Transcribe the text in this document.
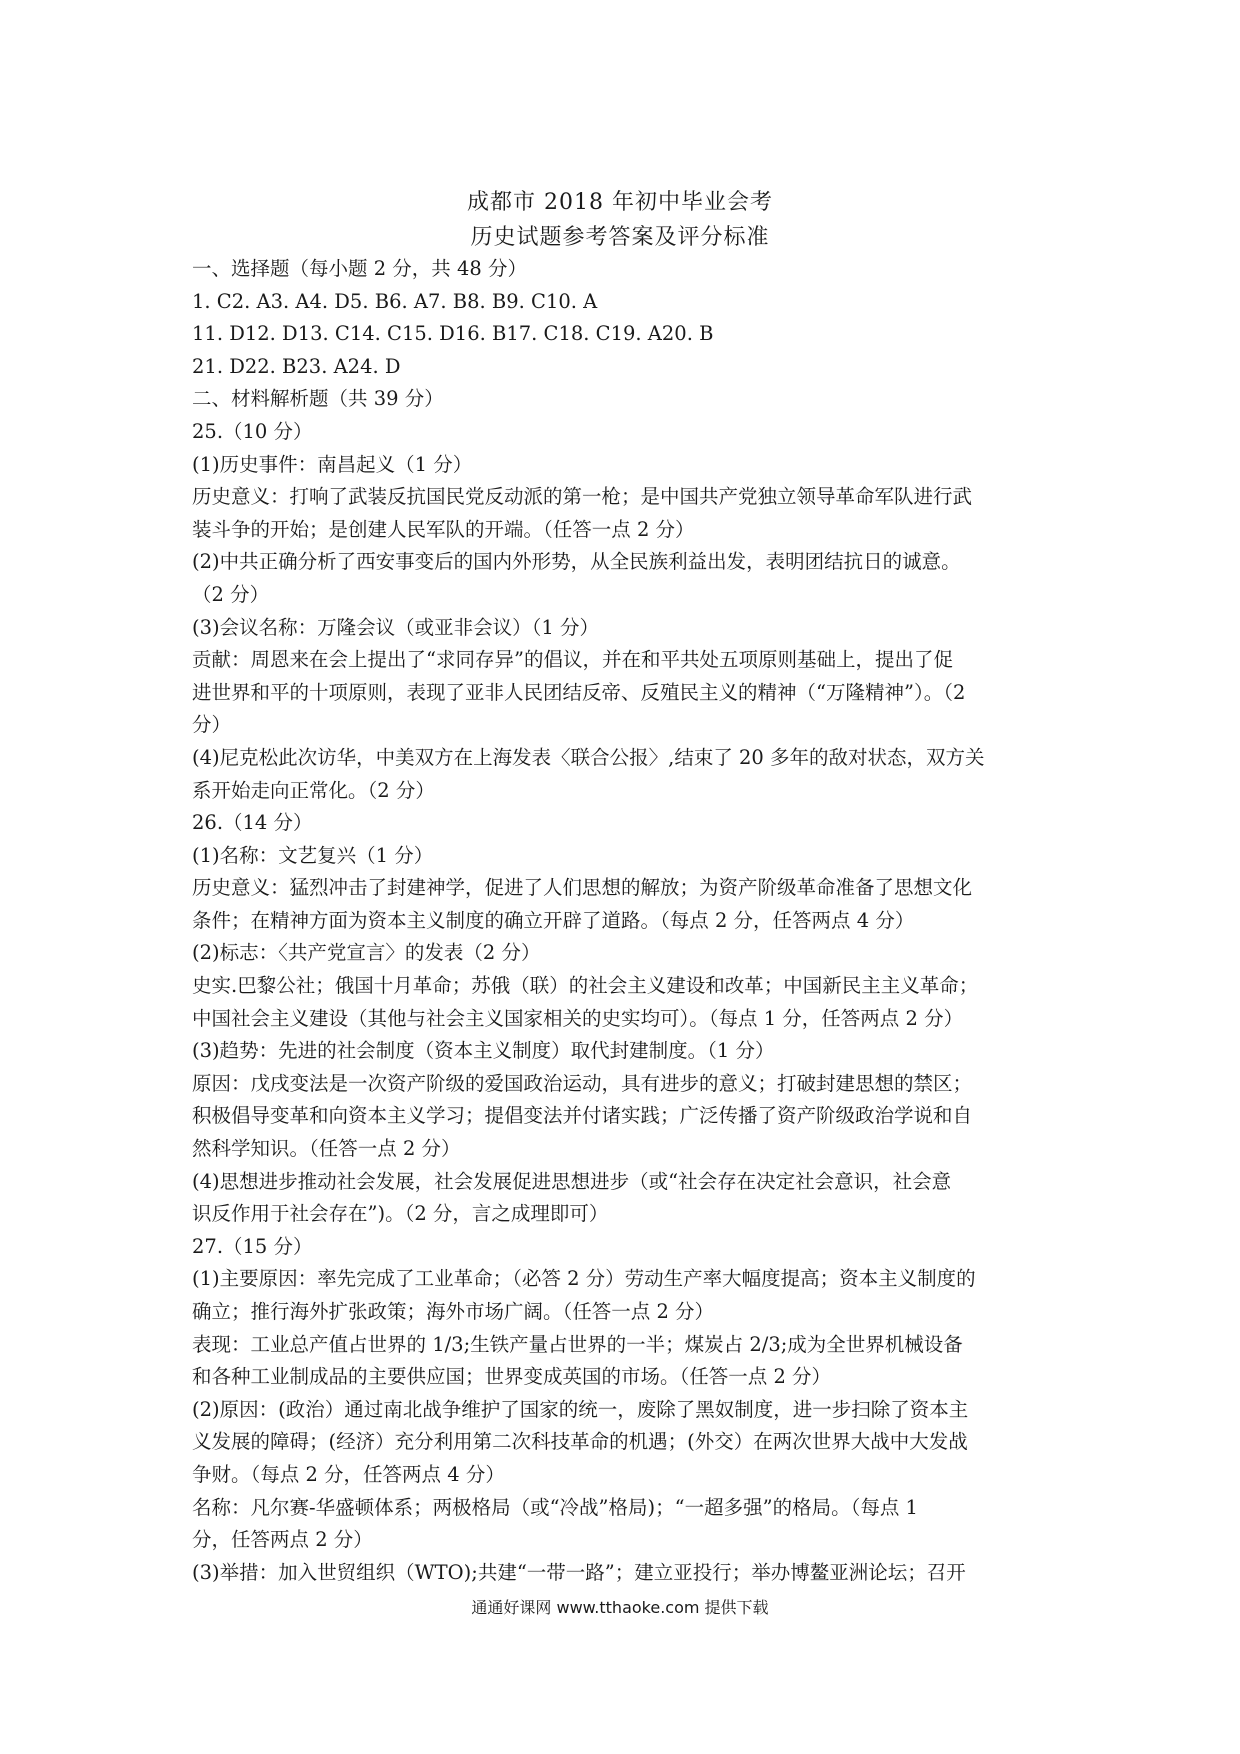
成都市 2018 年初中毕业会考
历史试题参考答案及评分标准
一、选择题（每小题 2 分，共 48 分）
1. C2. A3. A4. D5. B6. A7. B8. B9. C10. A
11. D12. D13. C14. C15. D16. B17. C18. C19. A20. B
21. D22. B23. A24. D
二、材料解析题（共 39 分）
25.（10 分）
(1)历史事件：南昌起义（1 分）
历史意义：打响了武装反抗国民党反动派的第一枪；是中国共产党独立领导革命军队进行武
装斗争的开始；是创建人民军队的开端。（任答一点 2 分）
(2)中共正确分析了西安事变后的国内外形势，从全民族利益出发，表明团结抗日的诚意。
（2 分）
(3)会议名称：万隆会议（或亚非会议）（1 分）
贡献：周恩来在会上提出了“求同存异”的倡议，并在和平共处五项原则基础上，提出了促
进世界和平的十项原则，表现了亚非人民团结反帝、反殖民主义的精神（“万隆精神”）。（2
分）
(4)尼克松此次访华，中美双方在上海发表〈联合公报〉,结束了 20 多年的敌对状态，双方关
系开始走向正常化。（2 分）
26.（14 分）
(1)名称：文艺复兴（1 分）
历史意义：猛烈冲击了封建神学，促进了人们思想的解放；为资产阶级革命准备了思想文化
条件；在精神方面为资本主义制度的确立开辟了道路。（每点 2 分，任答两点 4 分）
(2)标志：〈共产党宣言〉的发表（2 分）
史实.巴黎公社；俄国十月革命；苏俄（联）的社会主义建设和改革；中国新民主主义革命；
中国社会主义建设（其他与社会主义国家相关的史实均可）。（每点 1 分，任答两点 2 分）
(3)趋势：先进的社会制度（资本主义制度）取代封建制度。（1 分）
原因：戊戌变法是一次资产阶级的爱国政治运动，具有进步的意义；打破封建思想的禁区；
积极倡导变革和向资本主义学习；提倡变法并付诸实践；广泛传播了资产阶级政治学说和自
然科学知识。（任答一点 2 分）
(4)思想进步推动社会发展，社会发展促进思想进步（或“社会存在决定社会意识，社会意
识反作用于社会存在”)。（2 分，言之成理即可）
27.（15 分）
(1)主要原因：率先完成了工业革命；（必答 2 分）劳动生产率大幅度提高；资本主义制度的
确立；推行海外扩张政策；海外市场广阔。（任答一点 2 分）
表现：工业总产值占世界的 1/3;生铁产量占世界的一半；煤炭占 2/3;成为全世界机械设备
和各种工业制成品的主要供应国；世界变成英国的市场。（任答一点 2 分）
(2)原因：(政治）通过南北战争维护了国家的统一，废除了黑奴制度，进一步扫除了资本主
义发展的障碍；(经济）充分利用第二次科技革命的机遇；(外交）在两次世界大战中大发战
争财。（每点 2 分，任答两点 4 分）
名称：凡尔赛-华盛顿体系；两极格局（或“冷战”格局)；“一超多强”的格局。（每点 1
分，任答两点 2 分）
(3)举措：加入世贸组织（WTO);共建“一带一路”；建立亚投行；举办博鳌亚洲论坛；召开
通通好课网 www.tthaoke.com 提供下载
